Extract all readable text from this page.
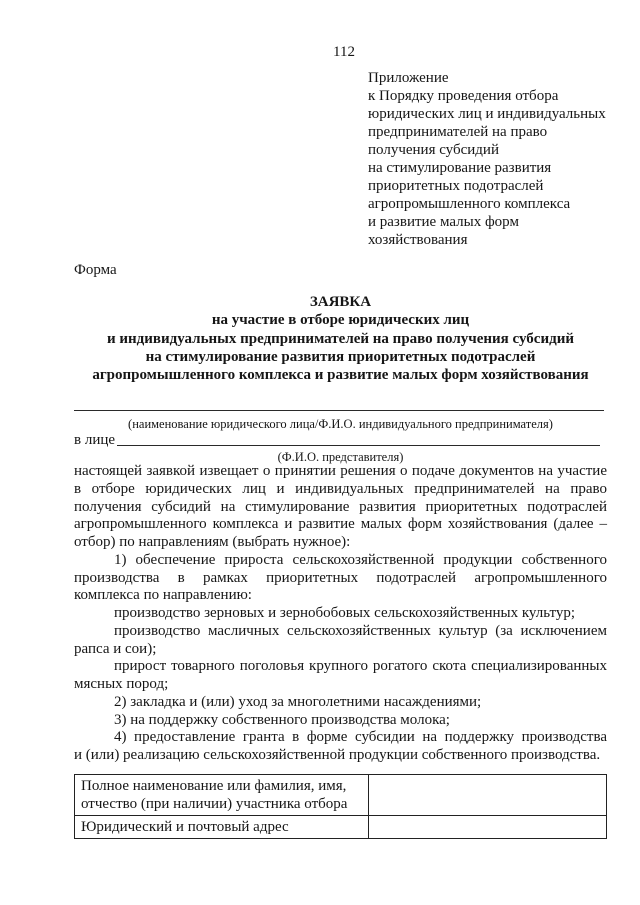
112
Приложение
к Порядку проведения отбора
юридических лиц и индивидуальных
предпринимателей на право
получения субсидий
на стимулирование развития
приоритетных подотраслей
агропромышленного комплекса
и развитие малых форм
хозяйствования
Форма
ЗАЯВКА
на участие в отборе юридических лиц
и индивидуальных предпринимателей на право получения субсидий
на стимулирование развития приоритетных подотраслей
агропромышленного комплекса и развитие малых форм хозяйствования
(наименование юридического лица/Ф.И.О. индивидуального предпринимателя)
в лице
(Ф.И.О. представителя)
настоящей заявкой извещает о принятии решения о подаче документов на участие
в отборе юридических лиц и индивидуальных предпринимателей на право
получения субсидий на стимулирование развития приоритетных подотраслей
агропромышленного комплекса и развитие малых форм хозяйствования (далее –
отбор) по направлениям (выбрать нужное):
1) обеспечение прироста сельскохозяйственной продукции собственного
производства в рамках приоритетных подотраслей агропромышленного
комплекса по направлению:
производство зерновых и зернобобовых сельскохозяйственных культур;
производство масличных сельскохозяйственных культур (за исключением
рапса и сои);
прирост товарного поголовья крупного рогатого скота специализированных
мясных пород;
2) закладка и (или) уход за многолетними насаждениями;
3) на поддержку собственного производства молока;
4) предоставление гранта в форме субсидии на поддержку производства
и (или) реализацию сельскохозяйственной продукции собственного производства.
Полное наименование или фамилия, имя, отчество (при наличии) участника отбора	
Юридический и почтовый адрес	
